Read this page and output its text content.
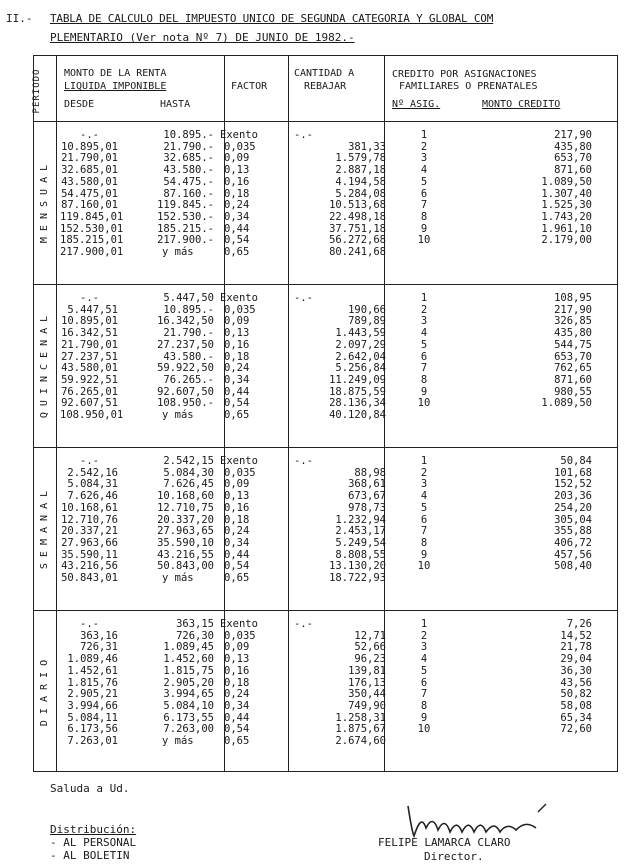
II.- TABLA DE CALCULO DEL IMPUESTO UNICO DE SEGUNDA CATEGORIA Y GLOBAL COM
PLEMENTARIO (Ver nota Nº 7) DE JUNIO DE 1982.-
PERIODO MONTO DE LA RENTA
LIQUIDA IMPONIBLE
DESDE	HASTA
FACTOR
CANTIDAD A
REBAJAR
CREDITO POR ASIGNACIONES
FAMILIARES O PRENATALES
Nº ASIG.	MONTO CREDITO
M E N S U A L
Q U I N C E N A L
S E M A N A L
D I A R I O
-.-	10.895.- Exento	-.-	1	217,90
10.895,01	21.790.- 0,035	381,33	2	435,80
21.790,01	32.685.- 0,09	1.579,78	3	653,70
32.685,01	43.580.- 0,13	2.887,18	4	871,60
43.580,01	54.475.- 0,16	4.194,58	5	1.089,50
54.475,01	87.160.- 0,18	5.284,08	6	1.307,40
87.160,01	119.845.- 0,24	10.513,68	7	1.525,30
119.845,01	152.530.- 0,34	22.498,18	8	1.743,20
152.530,01	185.215.- 0,44	37.751,18	9	1.961,10
185.215,01	217.900.- 0,54	56.272,68	10	2.179,00
217.900,01	y más	0,65	80.241,68
-.-	5.447,50 Exento	-.-	1	108,95
5.447,51	10.895.- 0,035	190,66	2	217,90
10.895,01	16.342,50 0,09	789,89	3	326,85
16.342,51	21.790.- 0,13	1.443,59	4	435,80
21.790,01	27.237,50 0,16	2.097,29	5	544,75
27.237,51	43.580.- 0,18	2.642,04	6	653,70
43.580,01	59.922,50 0,24	5.256,84	7	762,65
59.922,51	76.265.- 0,34	11.249,09	8	871,60
76.265,01	92.607,50 0,44	18.875,59	9	980,55
92.607,51	108.950.- 0,54	28.136,34	10	1.089,50
108.950,01	y más	0,65	40.120,84
-.-	2.542,15 Exento	-.-	1	50,84
2.542,16	5.084,30 0,035	88,98	2	101,68
5.084,31	7.626,45 0,09	368,61	3	152,52
7.626,46	10.168,60 0,13	673,67	4	203,36
10.168,61	12.710,75 0,16	978,73	5	254,20
12.710,76	20.337,20 0,18	1.232,94	6	305,04
20.337,21	27.963,65 0,24	2.453,17	7	355,88
27.963,66	35.590,10 0,34	5.249,54	8	406,72
35.590,11	43.216,55 0,44	8.808,55	9	457,56
43.216,56	50.843,00 0,54	13.130,20	10	508,40
50.843,01	y más	0,65	18.722,93
-.-	363,15 Exento	-.-	1	7,26
363,16	726,30 0,035	12,71	2	14,52
726,31	1.089,45 0,09	52,66	3	21,78
1.089,46	1.452,60 0,13	96,23	4	29,04
1.452,61	1.815,75 0,16	139,81	5	36,30
1.815,76	2.905,20 0,18	176,13	6	43,56
2.905,21	3.994,65 0,24	350,44	7	50,82
3.994,66	5.084,10 0,34	749,90	8	58,08
5.084,11	6.173,55 0,44	1.258,31	9	65,34
6.173,56	7.263,00 0,54	1.875,67	10	72,60
7.263,01	y más	0,65	2.674,60
Saluda a Ud.
Distribución:
- AL PERSONAL
- AL BOLETIN
FELIPE LAMARCA CLARO
Director.
